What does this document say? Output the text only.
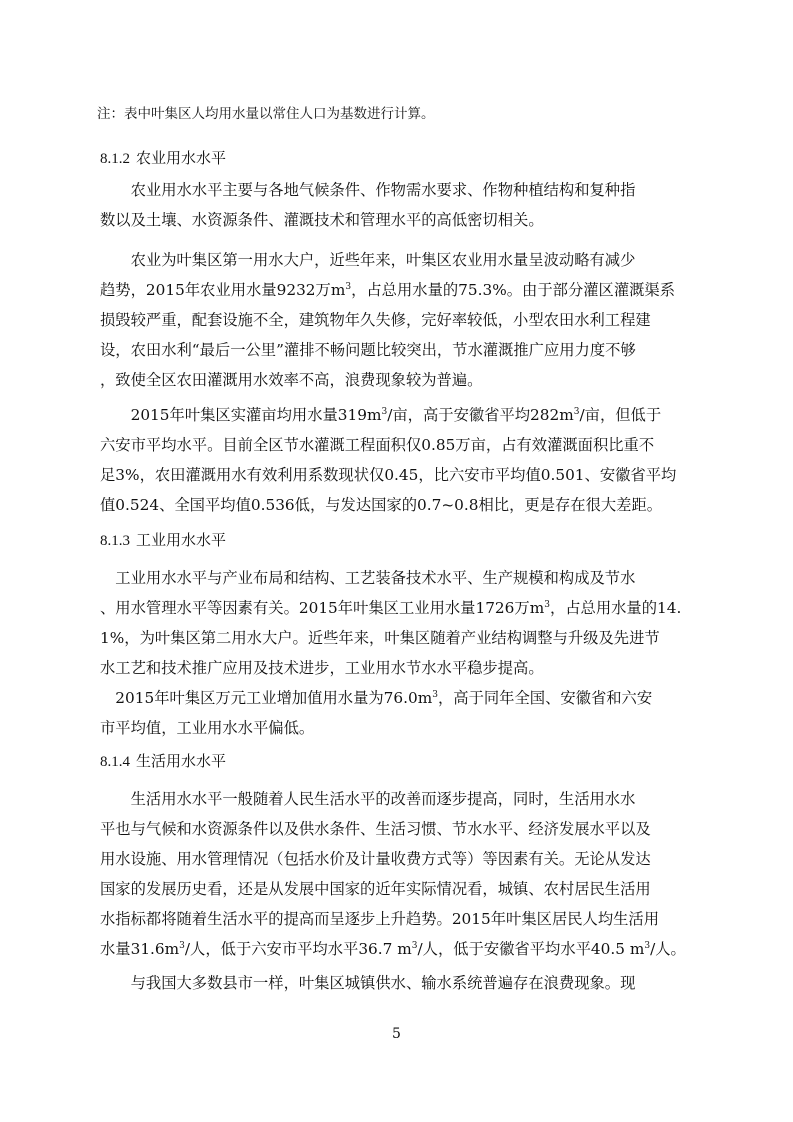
注：表中叶集区人均用水量以常住人口为基数进行计算。
8.1.2 农业用水水平
　　农业用水水平主要与各地气候条件、作物需水要求、作物种植结构和复种指
数以及土壤、水资源条件、灌溉技术和管理水平的高低密切相关。
　　农业为叶集区第一用水大户，近些年来，叶集区农业用水量呈波动略有减少
趋势，2015年农业用水量9232万$m^3$，占总用水量的75.3%。由于部分灌区灌溉渠系
损毁较严重，配套设施不全，建筑物年久失修，完好率较低，小型农田水利工程建
设，农田水利“最后一公里”灌排不畅问题比较突出，节水灌溉推广应用力度不够
，致使全区农田灌溉用水效率不高，浪费现象较为普遍。
　　2015年叶集区实灌亩均用水量$319m^3/$亩，高于安徽省平均$282m^3/$亩，但低于
六安市平均水平。目前全区节水灌溉工程面积仅0.85万亩，占有效灌溉面积比重不
足3%，农田灌溉用水有效利用系数现状仅0.45，比六安市平均值0.501、安徽省平均
值0.524、全国平均值0.536低，与发达国家的0.7~0.8相比，更是存在很大差距。
8.1.3 工业用水水平
　工业用水水平与产业布局和结构、工艺装备技术水平、生产规模和构成及节水
、用水管理水平等因素有关。2015年叶集区工业用水量1726万$m^3$，占总用水量的14.
1%，为叶集区第二用水大户。近些年来，叶集区随着产业结构调整与升级及先进节
水工艺和技术推广应用及技术进步，工业用水节水水平稳步提高。
　2015年叶集区万元工业增加值用水量为$76.0m^3$，高于同年全国、安徽省和六安
市平均值，工业用水水平偏低。
8.1.4 生活用水水平
　　生活用水水平一般随着人民生活水平的改善而逐步提高，同时，生活用水水
平也与气候和水资源条件以及供水条件、生活习惯、节水水平、经济发展水平以及
用水设施、用水管理情况（包括水价及计量收费方式等）等因素有关。无论从发达
国家的发展历史看，还是从发展中国家的近年实际情况看，城镇、农村居民生活用
水指标都将随着生活水平的提高而呈逐步上升趋势。2015年叶集区居民人均生活用
水量$31.6m^3/$人，低于六安市平均水平36.7 $m^3/$人，低于安徽省平均水平40.5 $m^3/$人。
　　与我国大多数县市一样，叶集区城镇供水、输水系统普遍存在浪费现象。现
5
